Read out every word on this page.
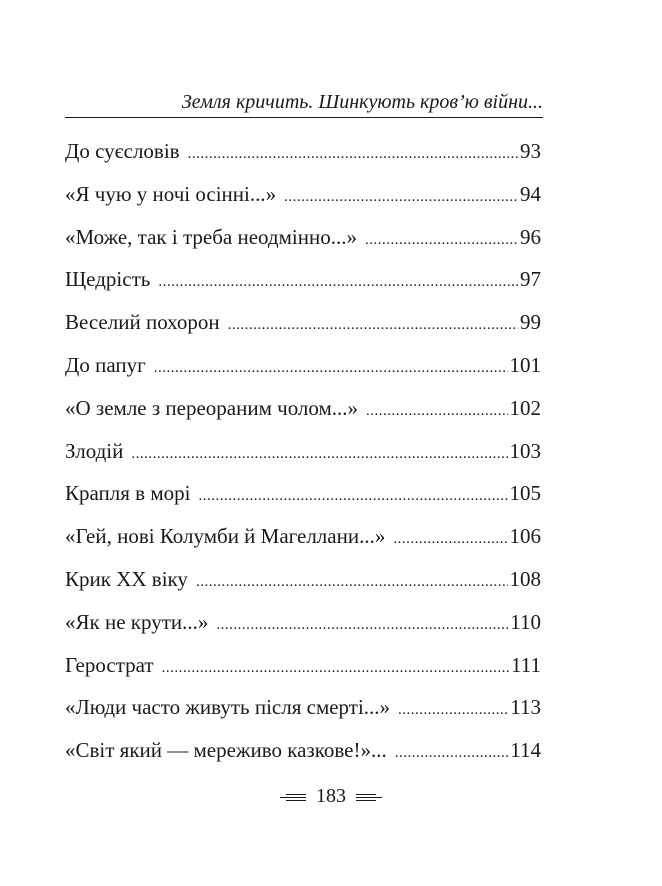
Земля кричить. Шинкують кров’ю війни...
До суєсловів .....	93
«Я чую у ночі осінні...» .....	94
«Може, так і треба неодмінно...» .....	96
Щедрість .....	97
Веселий похорон .....	99
До папуг .....	101
«О земле з переораним чолом...» .....	102
Злодій .....	103
Крапля в морі .....	105
«Гей, нові Колумби й Магеллани...» .....	106
Крик XX віку .....	108
«Як не крути...» .....	110
Герострат .....	111
«Люди часто живуть після смерті...» .....	113
«Світ який — мереживо казкове!»... .....	114
183
